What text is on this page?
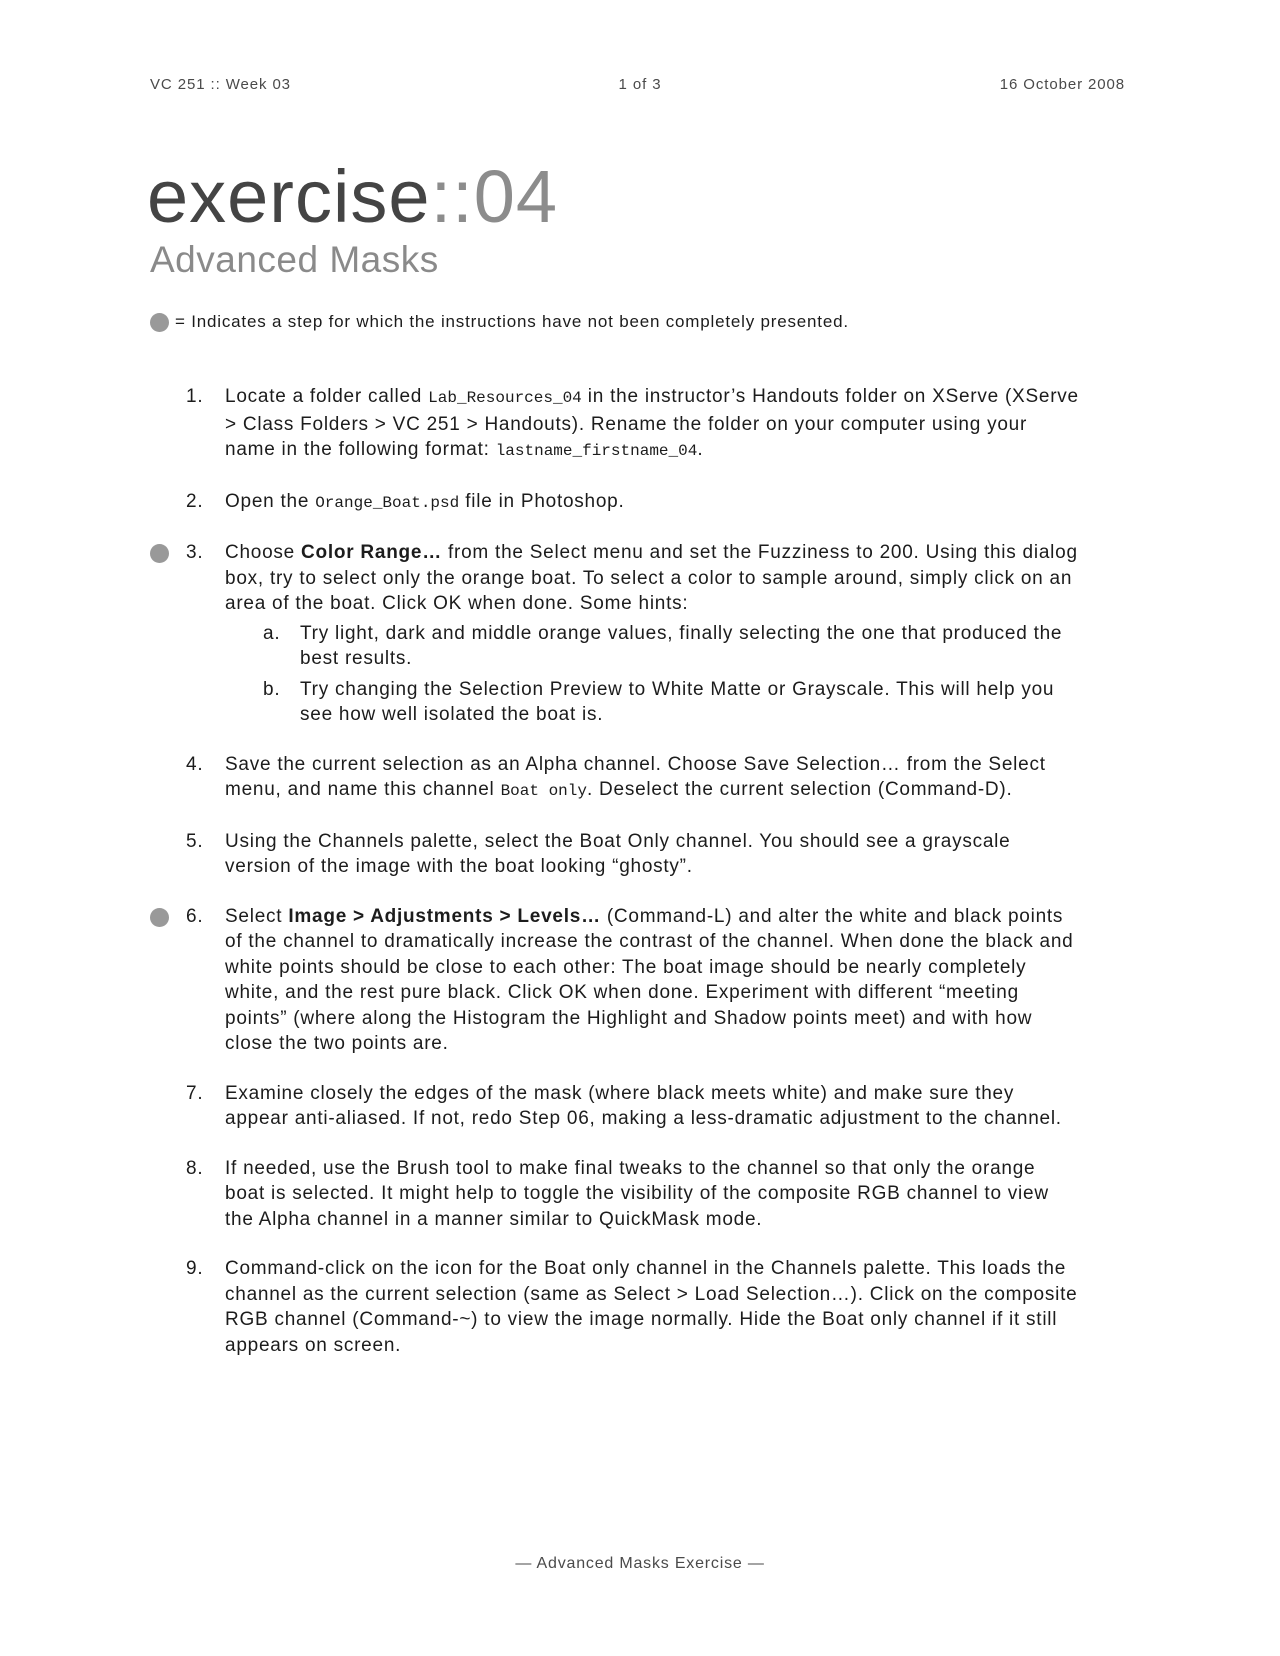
VC 251 :: Week 03	1 of 3	16 October 2008
exercise::04
Advanced Masks
= Indicates a step for which the instructions have not been completely presented.
1. Locate a folder called Lab_Resources_04 in the instructor’s Handouts folder on XServe (XServe > Class Folders > VC 251 > Handouts). Rename the folder on your computer using your name in the following format: lastname_firstname_04.
2. Open the Orange_Boat.psd file in Photoshop.
3. Choose Color Range… from the Select menu and set the Fuzziness to 200. Using this dialog box, try to select only the orange boat. To select a color to sample around, simply click on an area of the boat. Click OK when done. Some hints:
a. Try light, dark and middle orange values, finally selecting the one that produced the best results.
b. Try changing the Selection Preview to White Matte or Grayscale. This will help you see how well isolated the boat is.
4. Save the current selection as an Alpha channel. Choose Save Selection… from the Select menu, and name this channel Boat only. Deselect the current selection (Command-D).
5. Using the Channels palette, select the Boat Only channel. You should see a grayscale version of the image with the boat looking “ghosty”.
6. Select Image > Adjustments > Levels… (Command-L) and alter the white and black points of the channel to dramatically increase the contrast of the channel. When done the black and white points should be close to each other: The boat image should be nearly completely white, and the rest pure black. Click OK when done. Experiment with different “meeting points” (where along the Histogram the Highlight and Shadow points meet) and with how close the two points are.
7. Examine closely the edges of the mask (where black meets white) and make sure they appear anti-aliased. If not, redo Step 06, making a less-dramatic adjustment to the channel.
8. If needed, use the Brush tool to make final tweaks to the channel so that only the orange boat is selected. It might help to toggle the visibility of the composite RGB channel to view the Alpha channel in a manner similar to QuickMask mode.
9. Command-click on the icon for the Boat only channel in the Channels palette. This loads the channel as the current selection (same as Select > Load Selection…). Click on the composite RGB channel (Command-~) to view the image normally. Hide the Boat only channel if it still appears on screen.
— Advanced Masks Exercise —
